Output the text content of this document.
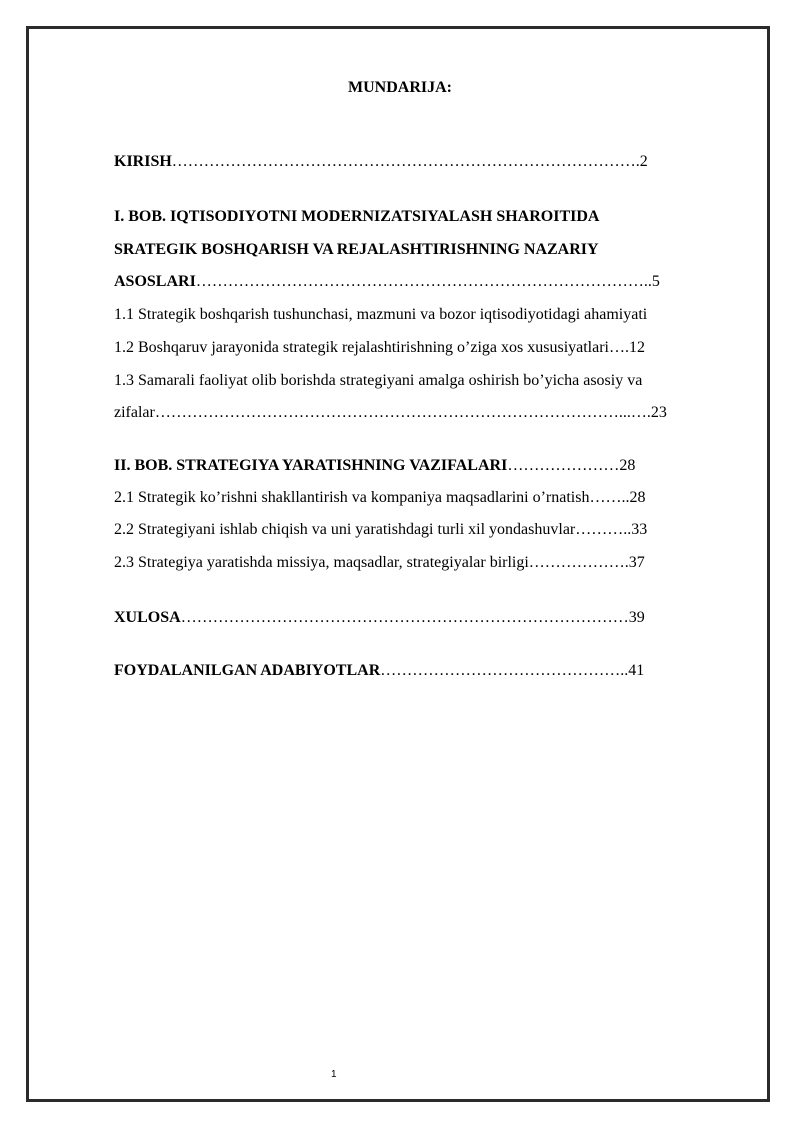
MUNDARIJA:
KIRISH…………………………………………………………………………….2
I. BOB. IQTISODIYOTNI MODERNIZATSIYALASH SHAROITIDA
SRATEGIK BOSHQARISH VA REJALASHTIRISHNING NAZARIY
ASOSLARI…………………………………………………………………………..5
1.1 Strategik boshqarish tushunchasi, mazmuni va bozor iqtisodiyotidagi ahamiyati
1.2 Boshqaruv jarayonida strategik rejalashtirishning o’ziga xos xususiyatlari….12
1.3 Samarali faoliyat olib borishda strategiyani amalga oshirish bo’yicha asosiy va
zifalar……………………………………………………………………………...….23
II. BOB. STRATEGIYA YARATISHNING VAZIFALARI…………………28
2.1 Strategik ko’rishni shakllantirish va kompaniya maqsadlarini o’rnatish……..28
2.2 Strategiyani ishlab chiqish va uni yaratishdagi turli xil yondashuvlar………..33
2.3 Strategiya yaratishda missiya, maqsadlar, strategiyalar birligi……………….37
XULOSA…………………………………………………………………………39
FOYDALANILGAN ADABIYOTLAR………………………………………..41
1
